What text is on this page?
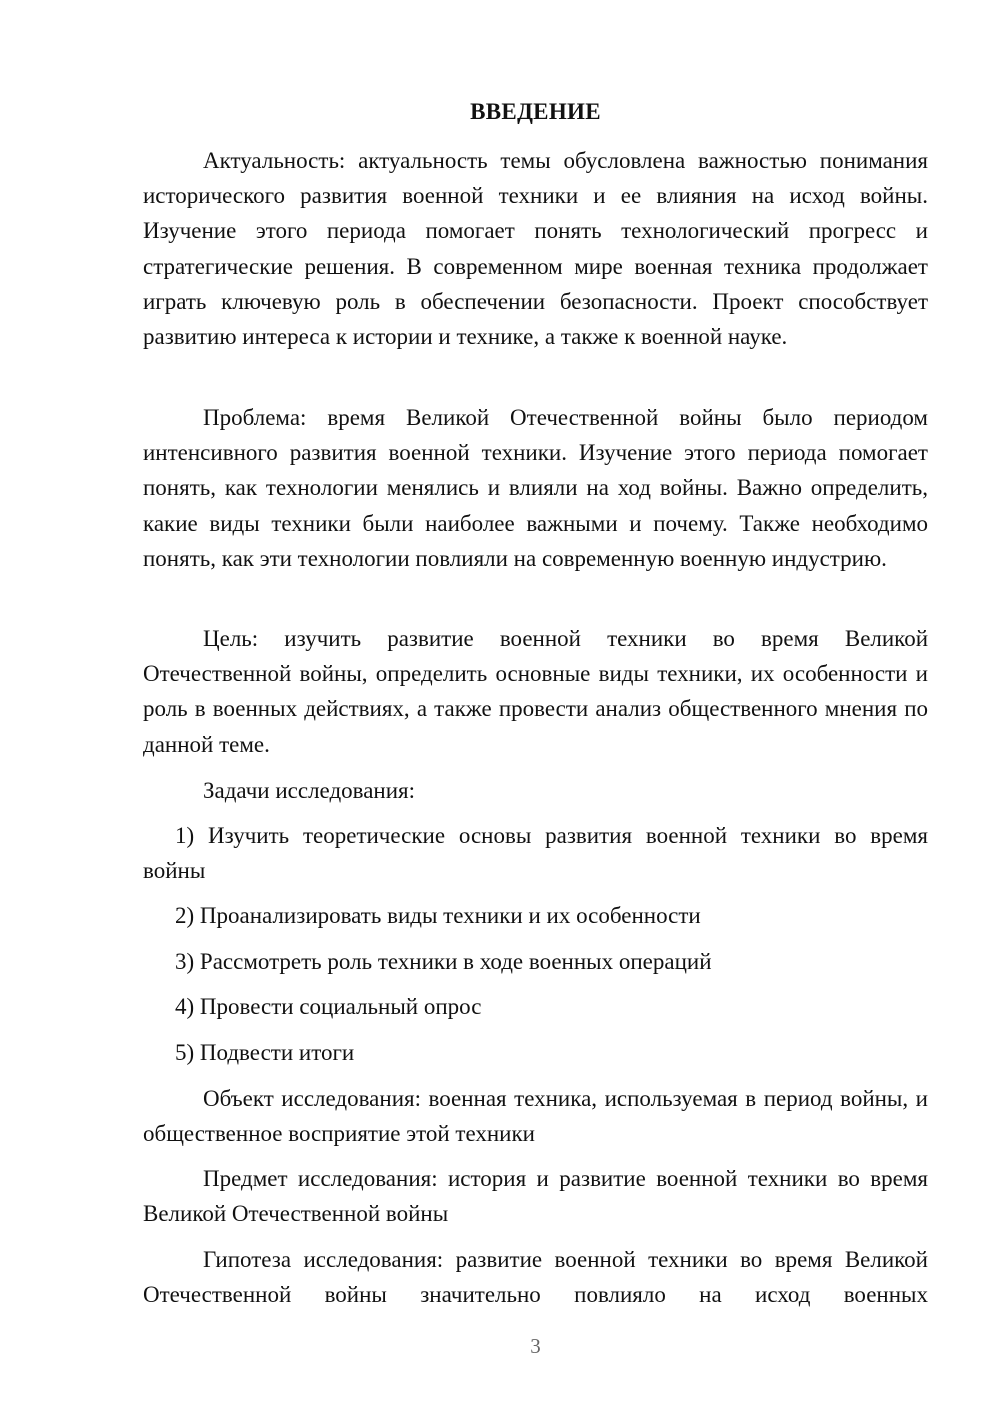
ВВЕДЕНИЕ

Актуальность: актуальность темы обусловлена важностью понимания исторического развития военной техники и ее влияния на исход войны. Изучение этого периода помогает понять технологический прогресс и стратегические решения. В современном мире военная техника продолжает играть ключевую роль в обеспечении безопасности. Проект способствует развитию интереса к истории и технике, а также к военной науке.

Проблема: время Великой Отечественной войны было периодом интенсивного развития военной техники. Изучение этого периода помогает понять, как технологии менялись и влияли на ход войны. Важно определить, какие виды техники были наиболее важными и почему. Также необходимо понять, как эти технологии повлияли на современную военную индустрию.

Цель: изучить развитие военной техники во время Великой Отечественной войны, определить основные виды техники, их особенности и роль в военных действиях, а также провести анализ общественного мнения по данной теме.

Задачи исследования:

1) Изучить теоретические основы развития военной техники во время войны

2) Проанализировать виды техники и их особенности

3) Рассмотреть роль техники в ходе военных операций

4) Провести социальный опрос

5) Подвести итоги

Объект исследования: военная техника, используемая в период войны, и общественное восприятие этой техники

Предмет исследования: история и развитие военной техники во время Великой Отечественной войны

Гипотеза исследования: развитие военной техники во время Великой Отечественной войны значительно повлияло на исход военных

3
